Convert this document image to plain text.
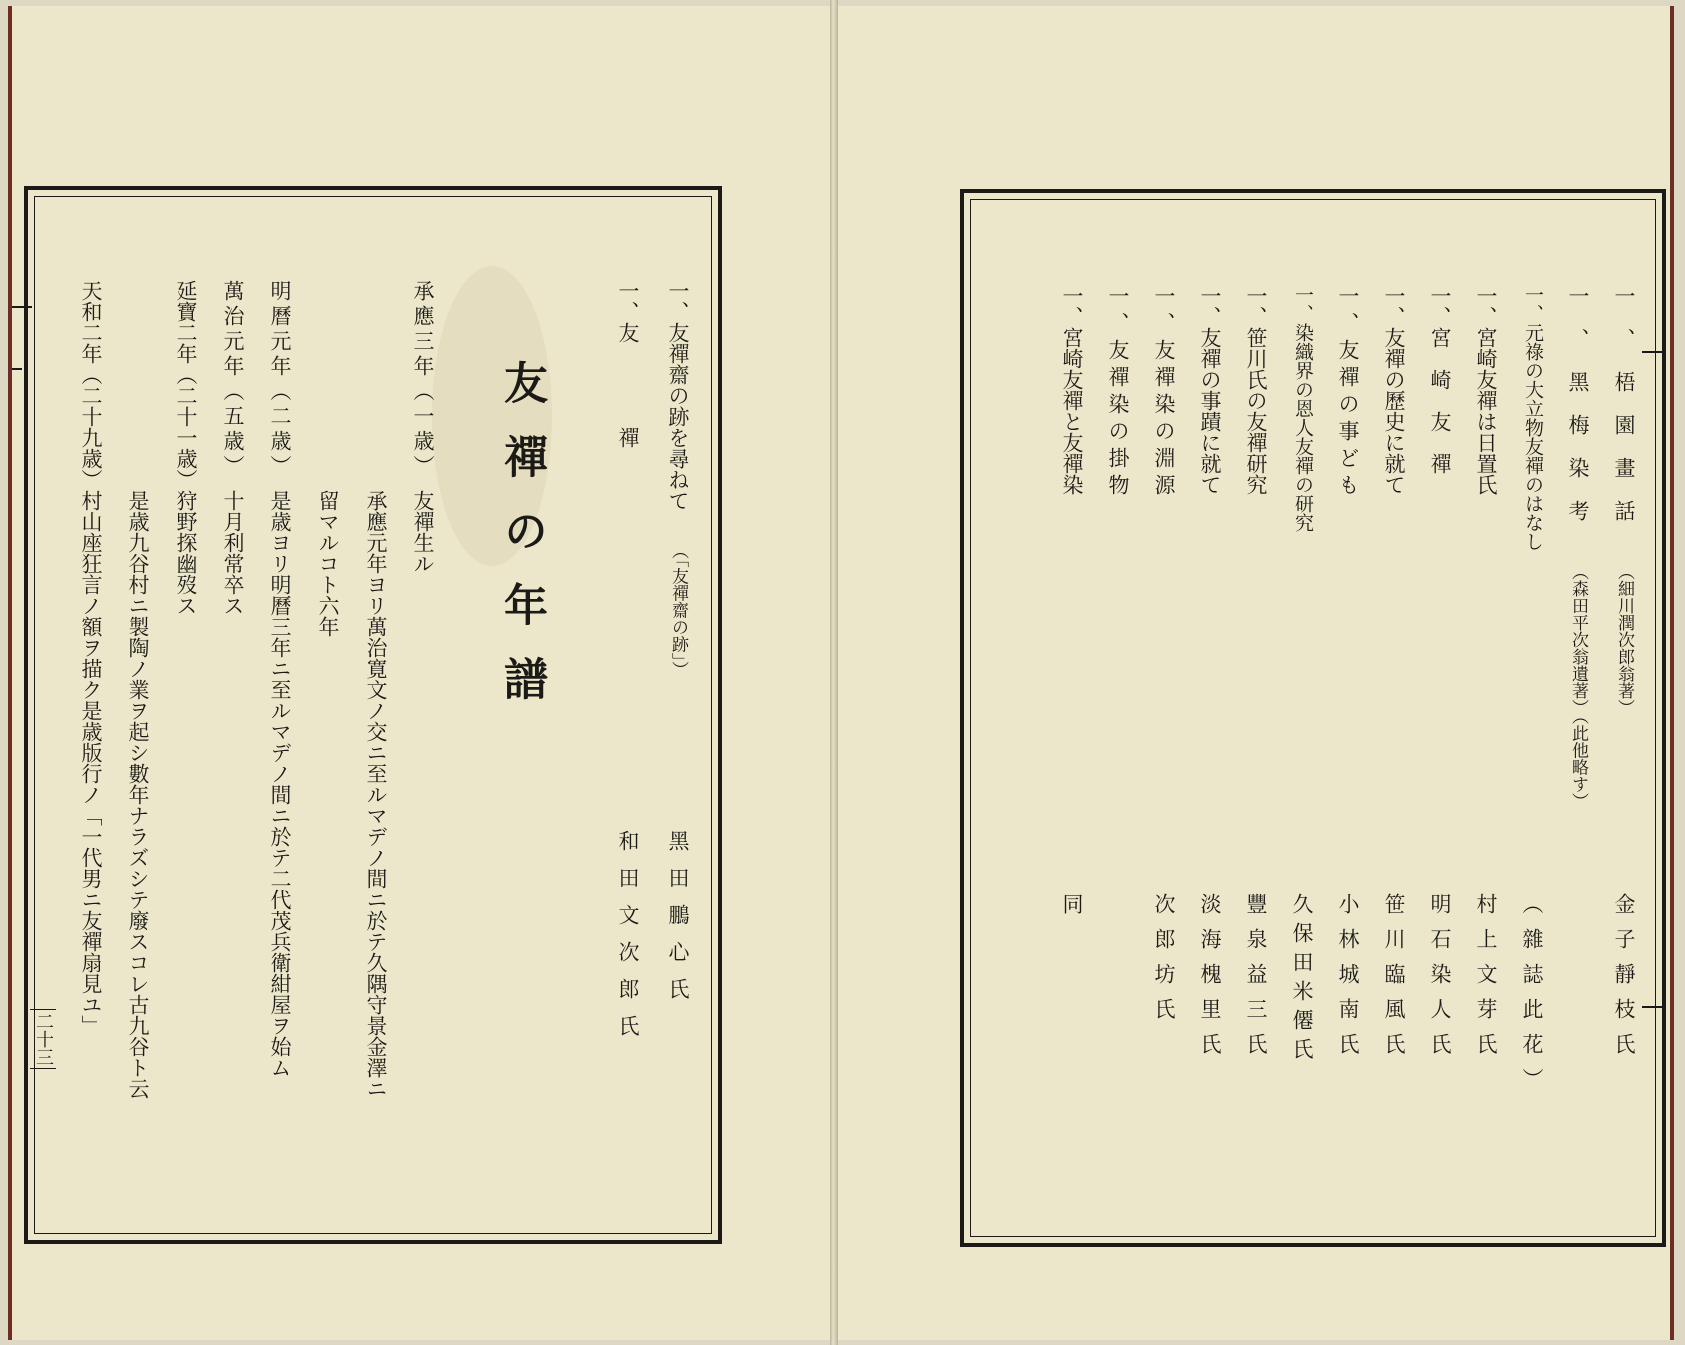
一、友禪齋の跡を尋ねて
（「友禪齋の跡」）
黑田鵬心氏
一、友　　　　禪
和田文次郎氏
友禪の年譜
承應三年（一歳）
友禪生ル
承應元年ヨリ萬治寛文ノ交ニ至ルマデノ間ニ於テ久隅守景金澤ニ
留マルコト六年
明曆元年（二歳）
是歳ヨリ明曆三年ニ至ルマデノ間ニ於テ二代茂兵衛紺屋ヲ始ム
萬治元年（五歳）
十月利常卒ス
延寶二年（二十一歳）
狩野探幽歿ス
是歳九谷村ニ製陶ノ業ヲ起シ數年ナラズシテ廢スコレ古九谷ト云
天和二年（二十九歳）
村山座狂言ノ額ヲ描ク是歳版行ノ「一代男ニ友禪扇見ユ」
二十三
一、梧園畫話
（細川潤次郎翁著）
金子靜枝氏
一、黑梅染考
（森田平次翁遺著）（此他略す）
一、元祿の大立物友禪のはなし
（雜誌此花）
一、宮崎友禪は日置氏
村上文芽氏
一、宮　崎　友　禪
明石染人氏
一、友禪の歷史に就て
笹川臨風氏
一、友禪の事ども
小林城南氏
一、染織界の恩人友禪の研究
久保田米僊氏
一、笹川氏の友禪研究
豐泉益三氏
一、友禪の事蹟に就て
淡海槐里氏
一、友禪染の淵源
次郎坊氏
一、友禪染の掛物
同
一、宮崎友禪と友禪染
